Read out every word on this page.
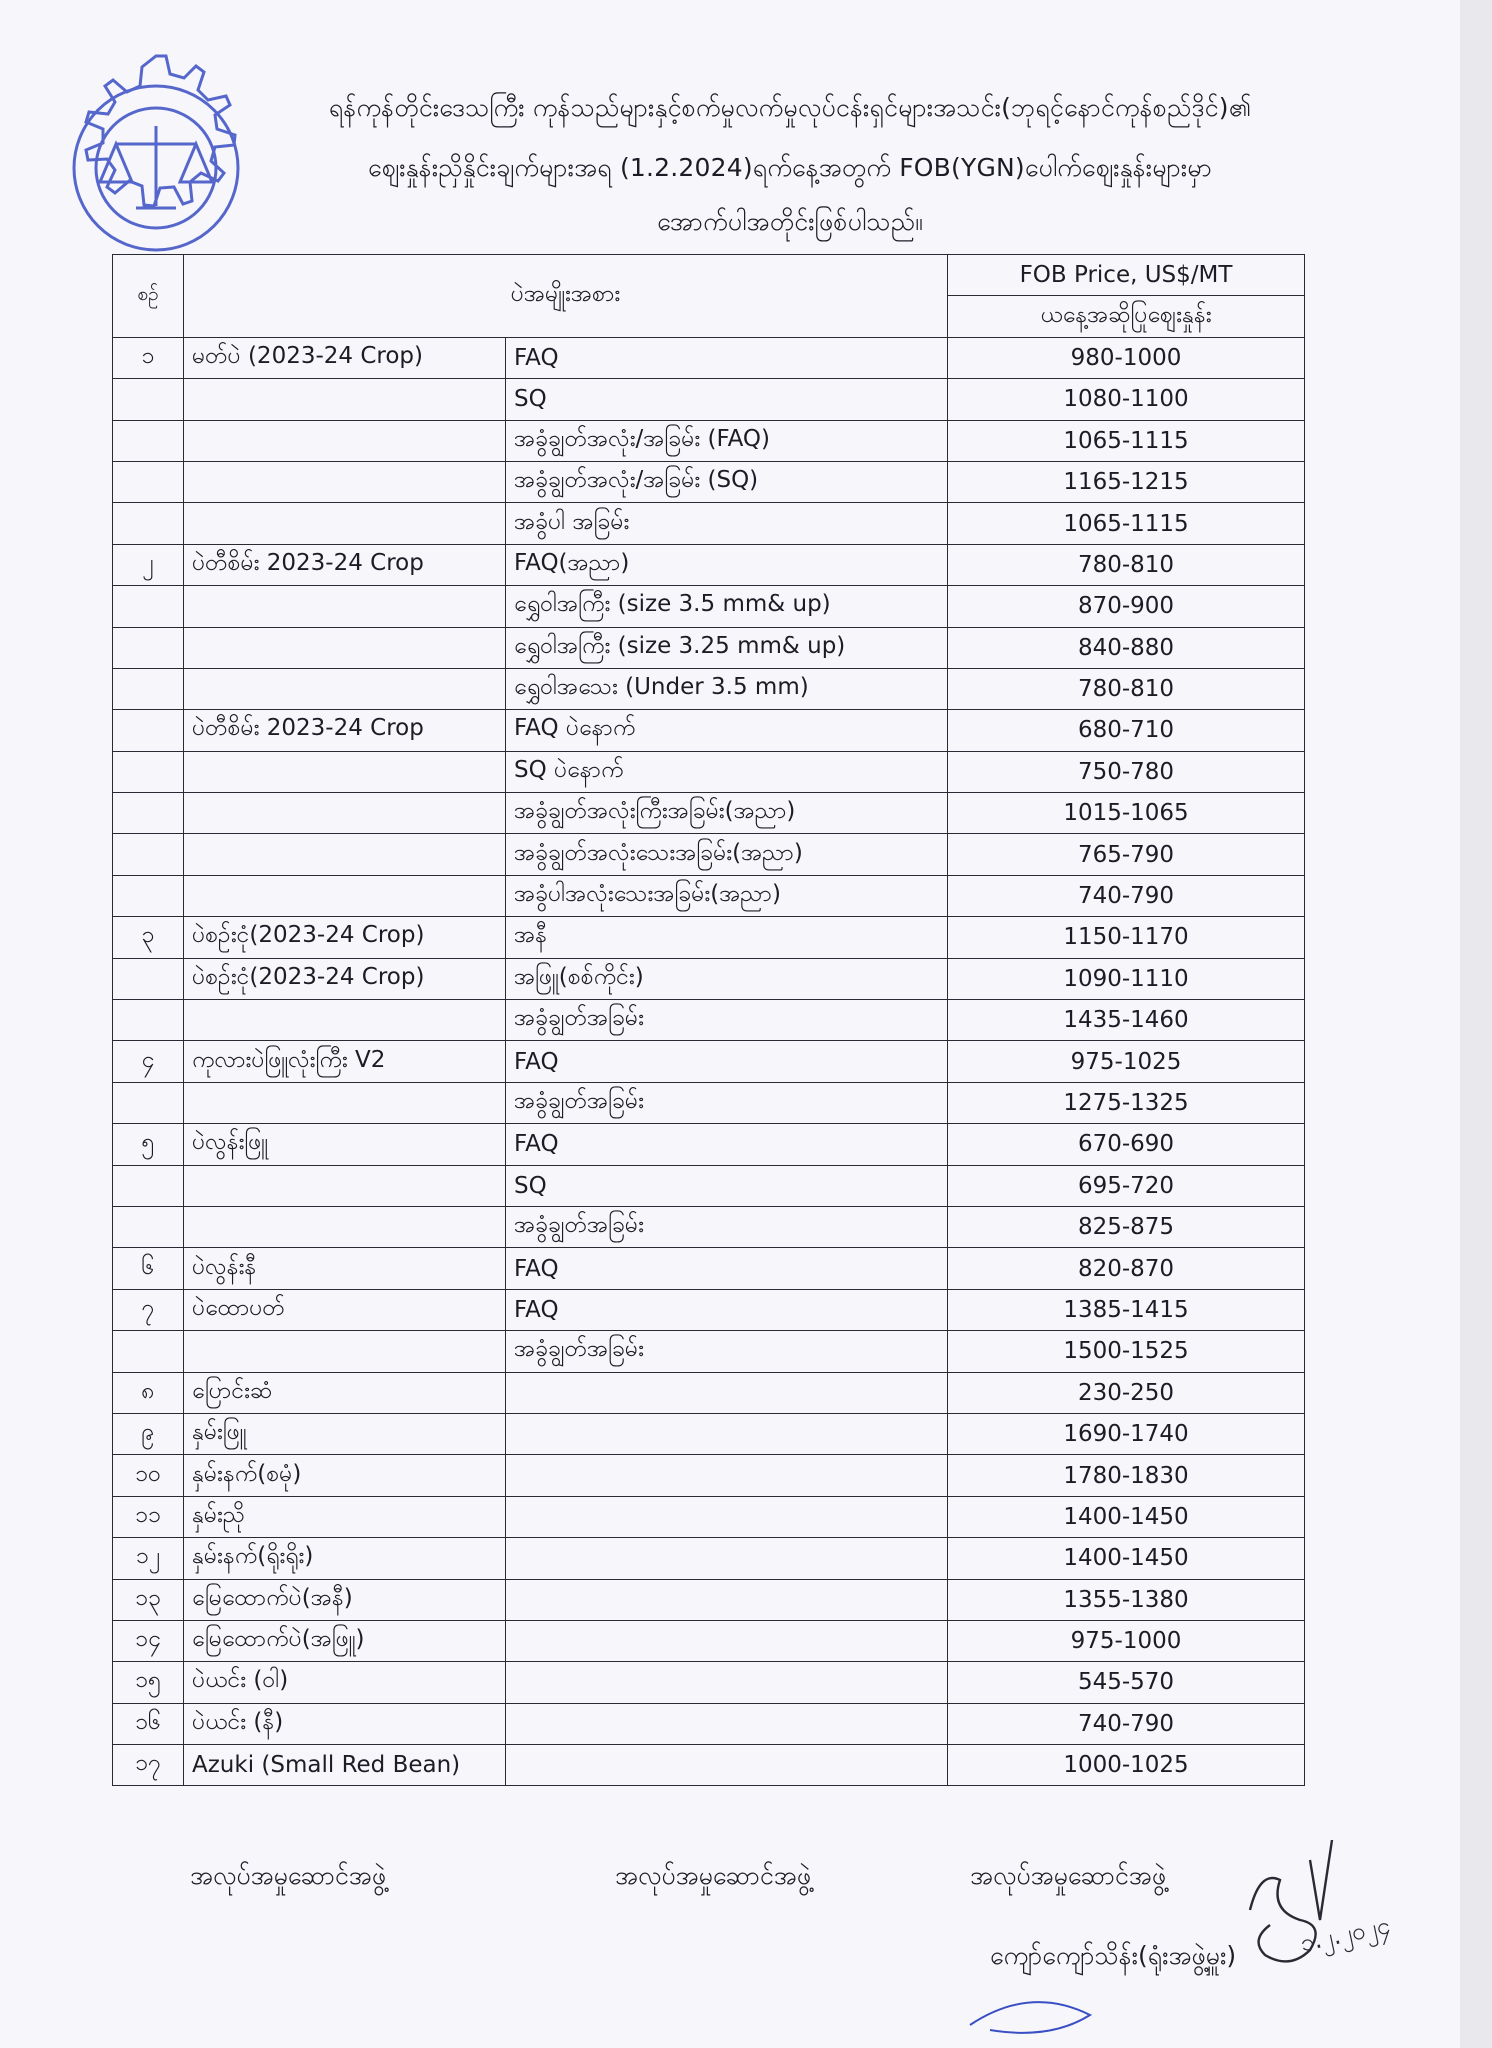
ရန်ကုန်တိုင်းဒေသကြီး ကုန်သည်များနှင့်စက်မှုလက်မှုလုပ်ငန်းရှင်များအသင်း(ဘုရင့်နောင်ကုန်စည်ဒိုင်)၏
ဈေးနှုန်းညှိနှိုင်းချက်များအရ (1.2.2024)ရက်နေ့အတွက် FOB(YGN)ပေါက်ဈေးနှုန်းများမှာ
အောက်ပါအတိုင်းဖြစ်ပါသည်။
စဉ်	ပဲအမျိုးအစား		FOB Price, US$/MT
			ယနေ့အဆိုပြုဈေးနှုန်း
၁	မတ်ပဲ (2023-24 Crop)	FAQ	980-1000
		SQ	1080-1100
		အခွံချွတ်အလုံး/အခြမ်း (FAQ)	1065-1115
		အခွံချွတ်အလုံး/အခြမ်း (SQ)	1165-1215
		အခွံပါ အခြမ်း	1065-1115
၂	ပဲတီစိမ်း 2023-24 Crop	FAQ(အညာ)	780-810
		ရွှေဝါအကြီး (size 3.5 mm& up)	870-900
		ရွှေဝါအကြီး (size 3.25 mm& up)	840-880
		ရွှေဝါအသေး (Under 3.5 mm)	780-810
	ပဲတီစိမ်း 2023-24 Crop	FAQ ပဲနောက်	680-710
		SQ ပဲနောက်	750-780
		အခွံချွတ်အလုံးကြီးအခြမ်း(အညာ)	1015-1065
		အခွံချွတ်အလုံးသေးအခြမ်း(အညာ)	765-790
		အခွံပါအလုံးသေးအခြမ်း(အညာ)	740-790
၃	ပဲစဉ်းငုံ(2023-24 Crop)	အနီ	1150-1170
	ပဲစဉ်းငုံ(2023-24 Crop)	အဖြူ(စစ်ကိုင်း)	1090-1110
		အခွံချွတ်အခြမ်း	1435-1460
၄	ကုလားပဲဖြူလုံးကြီး V2	FAQ	975-1025
		အခွံချွတ်အခြမ်း	1275-1325
၅	ပဲလွန်းဖြူ	FAQ	670-690
		SQ	695-720
		အခွံချွတ်အခြမ်း	825-875
၆	ပဲလွန်းနီ	FAQ	820-870
၇	ပဲထောပတ်	FAQ	1385-1415
		အခွံချွတ်အခြမ်း	1500-1525
၈	ပြောင်းဆံ		230-250
၉	နှမ်းဖြူ		1690-1740
၁၀	နှမ်းနက်(စမုံ)		1780-1830
၁၁	နှမ်းညို		1400-1450
၁၂	နှမ်းနက်(ရိုးရိုး)		1400-1450
၁၃	မြေထောက်ပဲ(အနီ)		1355-1380
၁၄	မြေထောက်ပဲ(အဖြူ)		975-1000
၁၅	ပဲယင်း (ဝါ)		545-570
၁၆	ပဲယင်း (နီ)		740-790
၁၇	Azuki (Small Red Bean)		1000-1025
အလုပ်အမှုဆောင်အဖွဲ့	အလုပ်အမှုဆောင်အဖွဲ့	အလုပ်အမှုဆောင်အဖွဲ့
ကျော်ကျော်သိန်း(ရုံးအဖွဲ့မှူး)	၁.၂.၂၀၂၄
